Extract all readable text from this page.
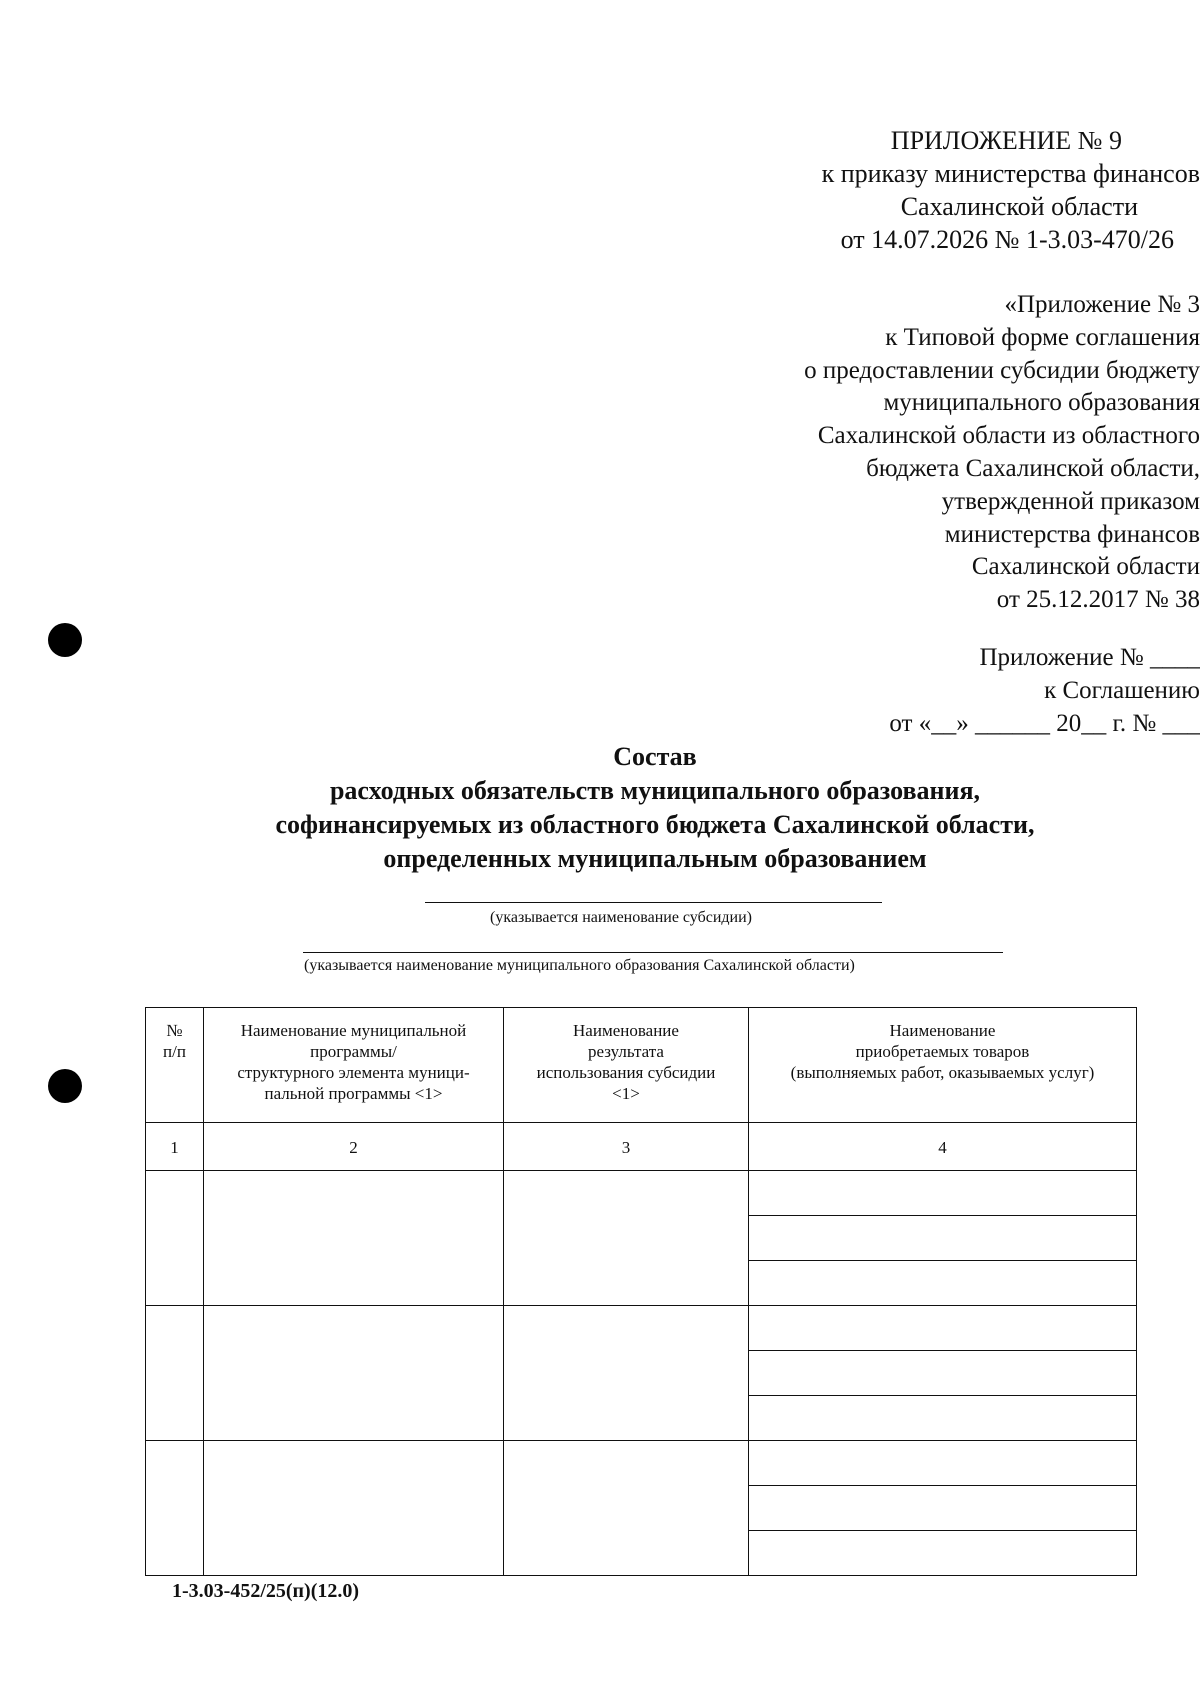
ПРИЛОЖЕНИЕ № 9
к приказу министерства финансов
Сахалинской области
от 14.07.2026 № 1-3.03-470/26
«Приложение № 3
к Типовой форме соглашения
о предоставлении субсидии бюджету
муниципального образования
Сахалинской области из областного
бюджета Сахалинской области,
утвержденной приказом
министерства финансов
Сахалинской области
от 25.12.2017 № 38
Приложение № ____
к Соглашению
от «__» ______ 20__ г. № ___
Состав
расходных обязательств муниципального образования,
софинансируемых из областного бюджета Сахалинской области,
определенных муниципальным образованием
(указывается наименование субсидии)
(указывается наименование муниципального образования Сахалинской области)
№
п/п	Наименование муниципальной
программы/
структурного элемента муници-
пальной программы <1>	Наименование
результата
использования субсидии
<1>	Наименование
приобретаемых товаров
(выполняемых работ, оказываемых услуг)

1	2	3	4

1-3.03-452/25(п)(12.0)
